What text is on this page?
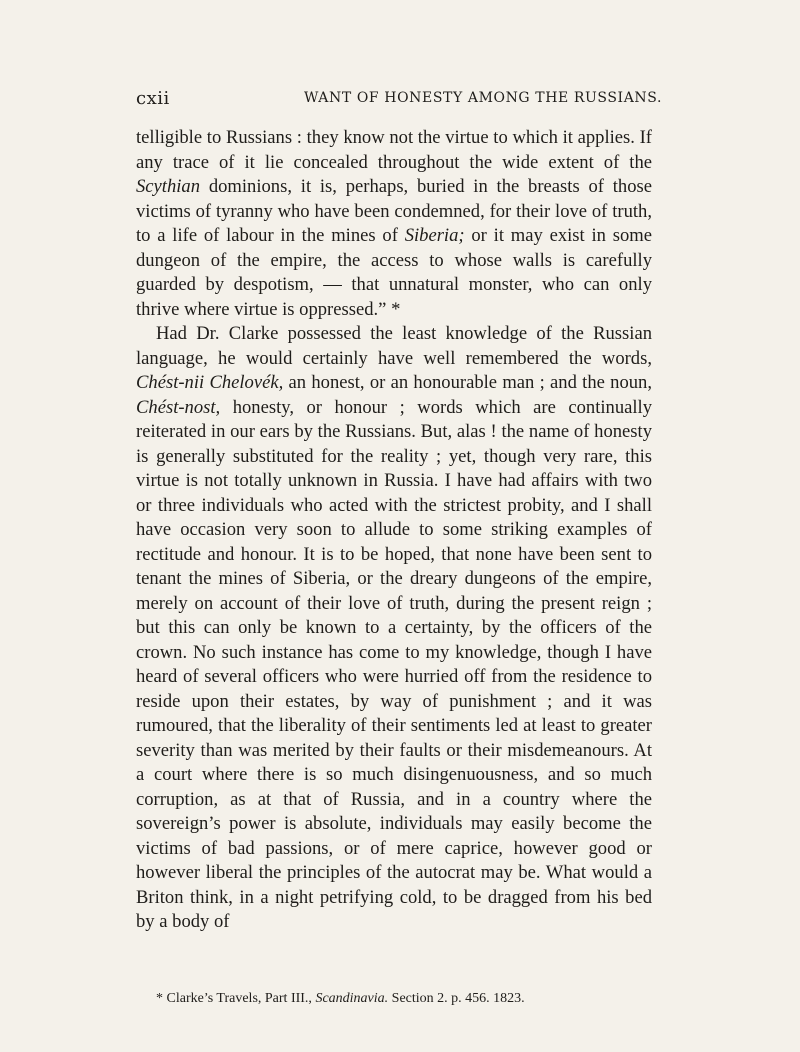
cxii	WANT OF HONESTY AMONG THE RUSSIANS.

telligible to Russians : they know not the virtue to which it applies. If any trace of it lie concealed throughout the wide extent of the Scythian dominions, it is, perhaps, buried in the breasts of those victims of tyranny who have been condemned, for their love of truth, to a life of labour in the mines of Siberia; or it may exist in some dungeon of the empire, the access to whose walls is carefully guarded by despotism, — that unnatural monster, who can only thrive where virtue is oppressed.” *

Had Dr. Clarke possessed the least knowledge of the Russian language, he would certainly have well remembered the words, Chést-nii Chelovék, an honest, or an honourable man ; and the noun, Chést-nost, honesty, or honour ; words which are continually reiterated in our ears by the Russians. But, alas ! the name of honesty is generally substituted for the reality ; yet, though very rare, this virtue is not totally unknown in Russia. I have had affairs with two or three individuals who acted with the strictest probity, and I shall have occasion very soon to allude to some striking examples of rectitude and honour. It is to be hoped, that none have been sent to tenant the mines of Siberia, or the dreary dungeons of the empire, merely on account of their love of truth, during the present reign ; but this can only be known to a certainty, by the officers of the crown. No such instance has come to my knowledge, though I have heard of several officers who were hurried off from the residence to reside upon their estates, by way of punishment ; and it was rumoured, that the liberality of their sentiments led at least to greater severity than was merited by their faults or their misdemeanours. At a court where there is so much disingenuousness, and so much corruption, as at that of Russia, and in a country where the sovereign’s power is absolute, individuals may easily become the victims of bad passions, or of mere caprice, however good or however liberal the principles of the autocrat may be. What would a Briton think, in a night petrifying cold, to be dragged from his bed by a body of

* Clarke’s Travels, Part III., Scandinavia. Section 2. p. 456. 1823.
